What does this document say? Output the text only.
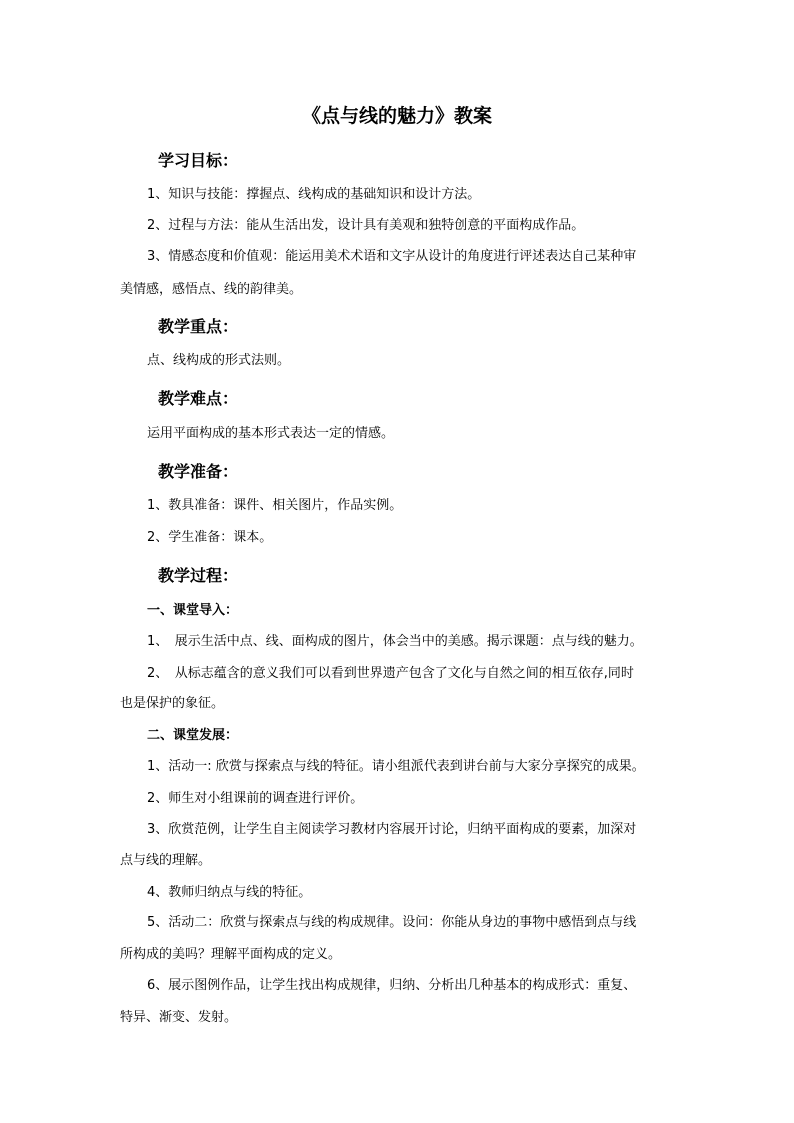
《点与线的魅力》教案
学习目标：
1、知识与技能：撑握点、线构成的基础知识和设计方法。
2、过程与方法：能从生活出发，设计具有美观和独特创意的平面构成作品。
3、情感态度和价值观：能运用美术术语和文字从设计的角度进行评述表达自己某种审
美情感，感悟点、线的韵律美。
教学重点：
点、线构成的形式法则。
教学难点：
运用平面构成的基本形式表达一定的情感。
教学准备：
1、教具准备：课件、相关图片，作品实例。
2、学生准备：课本。
教学过程：
一、课堂导入：
1、　展示生活中点、线、面构成的图片，体会当中的美感。揭示课题：点与线的魅力。
2、　从标志蕴含的意义我们可以看到世界遗产包含了文化与自然之间的相互依存,同时
也是保护的象征。
二、课堂发展：
1、活动一: 欣赏与探索点与线的特征。请小组派代表到讲台前与大家分享探究的成果。
2、师生对小组课前的调查进行评价。
3、欣赏范例，让学生自主阅读学习教材内容展开讨论，归纳平面构成的要素，加深对
点与线的理解。
4、教师归纳点与线的特征。
5、活动二：欣赏与探索点与线的构成规律。设问：你能从身边的事物中感悟到点与线
所构成的美吗？理解平面构成的定义。
6、展示图例作品，让学生找出构成规律，归纳、分析出几种基本的构成形式：重复、
特异、渐变、发射。
